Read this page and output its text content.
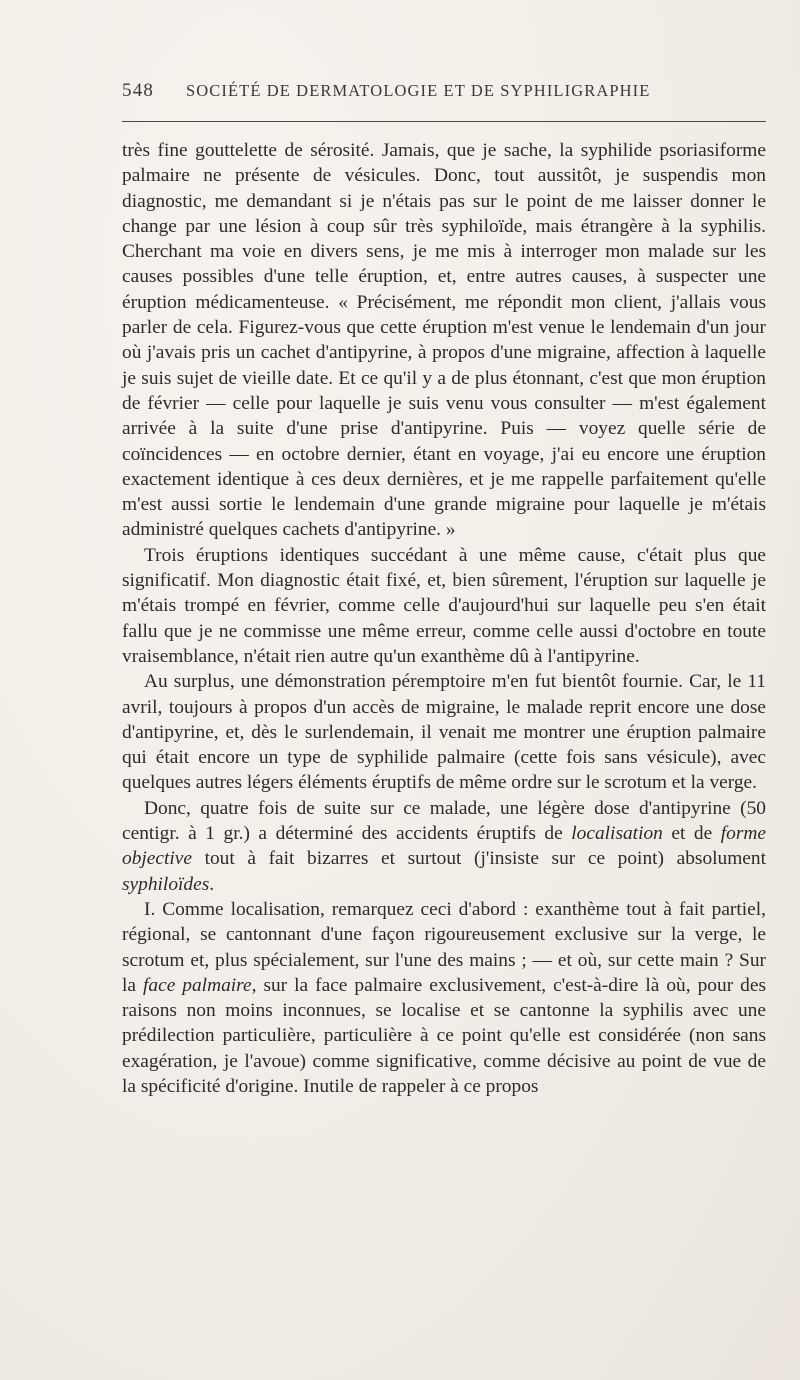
548 SOCIÉTÉ DE DERMATOLOGIE ET DE SYPHILIGRAPHIE

très fine gouttelette de sérosité. Jamais, que je sache, la syphilide psoriasiforme palmaire ne présente de vésicules. Donc, tout aussitôt, je suspendis mon diagnostic, me demandant si je n'étais pas sur le point de me laisser donner le change par une lésion à coup sûr très syphiloïde, mais étrangère à la syphilis. Cherchant ma voie en divers sens, je me mis à interroger mon malade sur les causes possibles d'une telle éruption, et, entre autres causes, à suspecter une éruption médicamenteuse. « Précisément, me répondit mon client, j'allais vous parler de cela. Figurez-vous que cette éruption m'est venue le lendemain d'un jour où j'avais pris un cachet d'antipyrine, à propos d'une migraine, affection à laquelle je suis sujet de vieille date. Et ce qu'il y a de plus étonnant, c'est que mon éruption de février — celle pour laquelle je suis venu vous consulter — m'est également arrivée à la suite d'une prise d'antipyrine. Puis — voyez quelle série de coïncidences — en octobre dernier, étant en voyage, j'ai eu encore une éruption exactement identique à ces deux dernières, et je me rappelle parfaitement qu'elle m'est aussi sortie le lendemain d'une grande migraine pour laquelle je m'étais administré quelques cachets d'antipyrine. »

Trois éruptions identiques succédant à une même cause, c'était plus que significatif. Mon diagnostic était fixé, et, bien sûrement, l'éruption sur laquelle je m'étais trompé en février, comme celle d'aujourd'hui sur laquelle peu s'en était fallu que je ne commisse une même erreur, comme celle aussi d'octobre en toute vraisemblance, n'était rien autre qu'un exanthème dû à l'antipyrine.

Au surplus, une démonstration péremptoire m'en fut bientôt fournie. Car, le 11 avril, toujours à propos d'un accès de migraine, le malade reprit encore une dose d'antipyrine, et, dès le surlendemain, il venait me montrer une éruption palmaire qui était encore un type de syphilide palmaire (cette fois sans vésicule), avec quelques autres légers éléments éruptifs de même ordre sur le scrotum et la verge.

Donc, quatre fois de suite sur ce malade, une légère dose d'antipyrine (50 centigr. à 1 gr.) a déterminé des accidents éruptifs de localisation et de forme objective tout à fait bizarres et surtout (j'insiste sur ce point) absolument syphiloïdes.

I. Comme localisation, remarquez ceci d'abord : exanthème tout à fait partiel, régional, se cantonnant d'une façon rigoureusement exclusive sur la verge, le scrotum et, plus spécialement, sur l'une des mains ; — et où, sur cette main ? Sur la face palmaire, sur la face palmaire exclusivement, c'est-à-dire là où, pour des raisons non moins inconnues, se localise et se cantonne la syphilis avec une prédilection particulière, particulière à ce point qu'elle est considérée (non sans exagération, je l'avoue) comme significative, comme décisive au point de vue de la spécificité d'origine. Inutile de rappeler à ce propos
